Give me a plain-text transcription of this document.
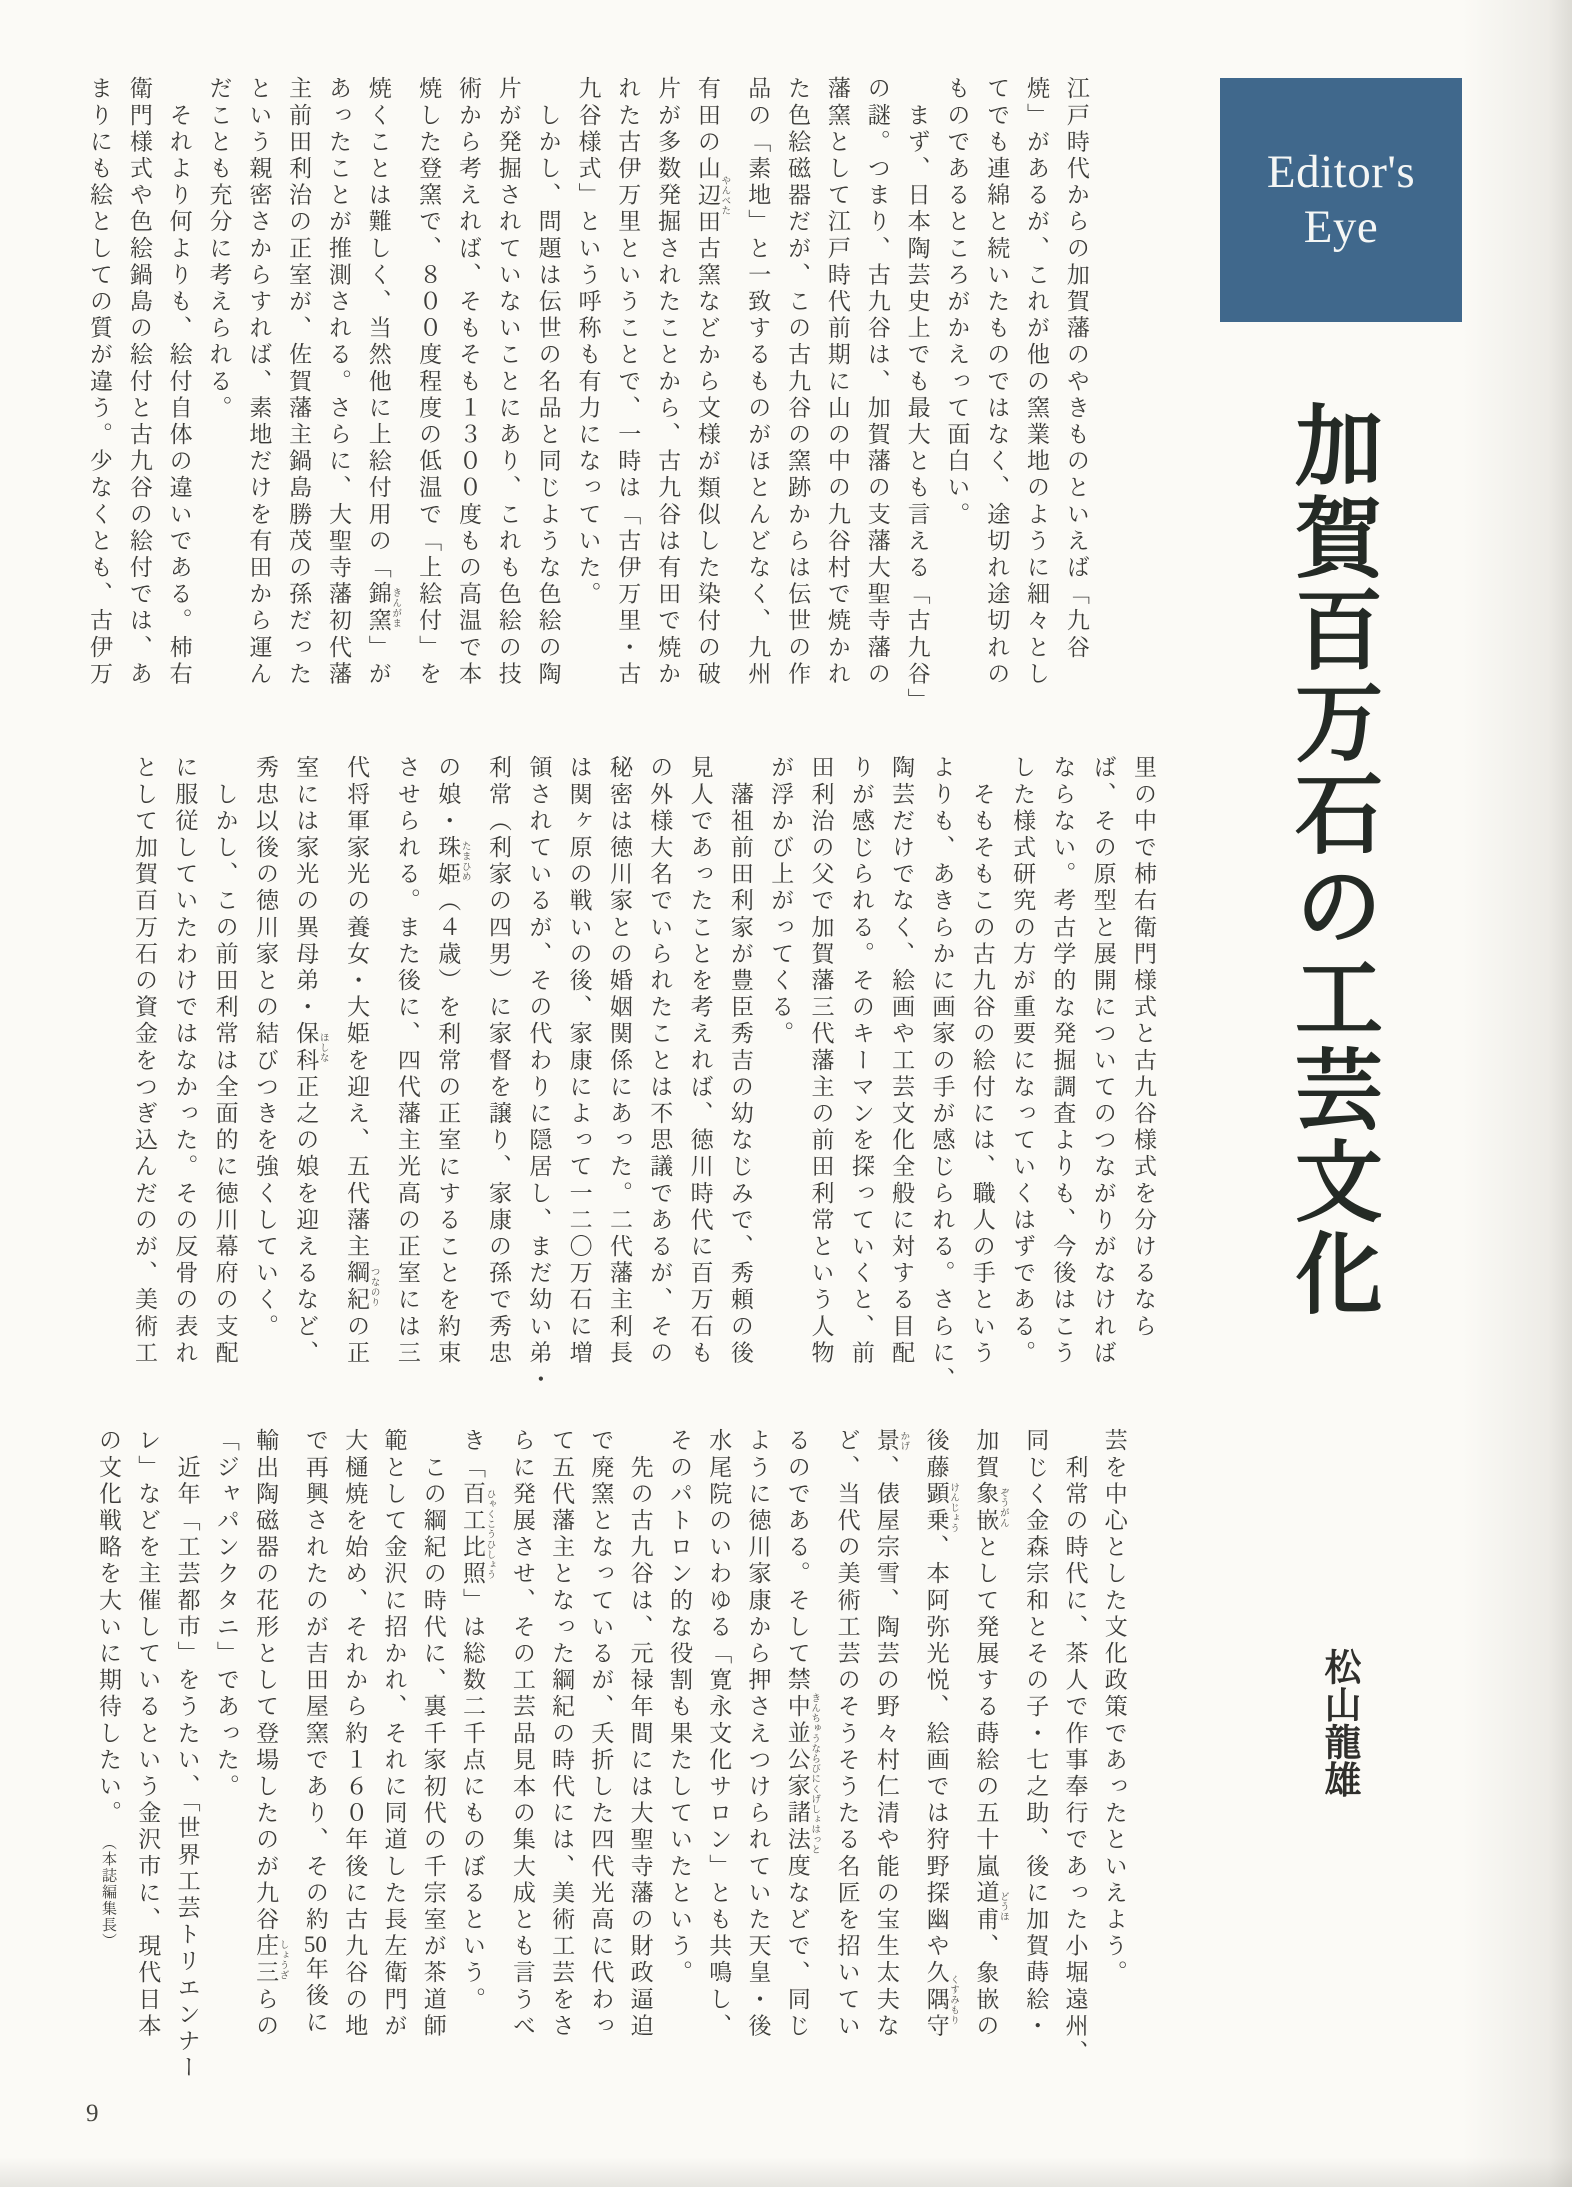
Editor's
Eye
加賀百万石の工芸文化
松山龍雄
江戸時代からの加賀藩のやきものといえば「九谷
焼」があるが、これが他の窯業地のように細々とし
てでも連綿と続いたものではなく、途切れ途切れの
ものであるところがかえって面白い。
　まず、日本陶芸史上でも最大とも言える「古九谷」
の謎。つまり、古九谷は、加賀藩の支藩大聖寺藩の
藩窯として江戸時代前期に山の中の九谷村で焼かれ
た色絵磁器だが、この古九谷の窯跡からは伝世の作
品の「素地」と一致するものがほとんどなく、九州
有田の山辺田 やんべた古窯などから文様が類似した染付の破
片が多数発掘されたことから、古九谷は有田で焼か
れた古伊万里ということで、一時は「古伊万里・古
九谷様式」という呼称も有力になっていた。
　しかし、問題は伝世の名品と同じような色絵の陶
片が発掘されていないことにあり、これも色絵の技
術から考えれば、そもそも１３００度もの高温で本
焼した登窯で、８００度程度の低温で「上絵付」を
焼くことは難しく、当然他に上絵付用の「錦窯 きんがま」が
あったことが推測される。さらに、大聖寺藩初代藩
主前田利治の正室が、佐賀藩主鍋島勝茂の孫だった
という親密さからすれば、素地だけを有田から運ん
だことも充分に考えられる。
　それより何よりも、絵付自体の違いである。柿右
衛門様式や色絵鍋島の絵付と古九谷の絵付では、あ
まりにも絵としての質が違う。少なくとも、古伊万
里の中で柿右衛門様式と古九谷様式を分けるなら
ば、その原型と展開についてのつながりがなければ
ならない。考古学的な発掘調査よりも、今後はこう
した様式研究の方が重要になっていくはずである。
　そもそもこの古九谷の絵付には、職人の手という
よりも、あきらかに画家の手が感じられる。さらに、
陶芸だけでなく、絵画や工芸文化全般に対する目配
りが感じられる。そのキーマンを探っていくと、前
田利治の父で加賀藩三代藩主の前田利常という人物
が浮かび上がってくる。
　藩祖前田利家が豊臣秀吉の幼なじみで、秀頼の後
見人であったことを考えれば、徳川時代に百万石も
の外様大名でいられたことは不思議であるが、その
秘密は徳川家との婚姻関係にあった。二代藩主利長
は関ヶ原の戦いの後、家康によって一二〇万石に増
領されているが、その代わりに隠居し、まだ幼い弟・
利常（利家の四男）に家督を譲り、家康の孫で秀忠
の娘・珠姫 たまひめ（４歳）を利常の正室にすることを約束
させられる。また後に、四代藩主光高の正室には三
代将軍家光の養女・大姫を迎え、五代藩主綱紀 つなのりの正
室には家光の異母弟・保科 ほしな正之の娘を迎えるなど、
秀忠以後の徳川家との結びつきを強くしていく。
　しかし、この前田利常は全面的に徳川幕府の支配
に服従していたわけではなかった。その反骨の表れ
として加賀百万石の資金をつぎ込んだのが、美術工
芸を中心とした文化政策であったといえよう。
　利常の時代に、茶人で作事奉行であった小堀遠州、
同じく金森宗和とその子・七之助、後に加賀蒔絵・
加賀象嵌 ぞうがんとして発展する蒔絵の五十嵐道甫 どうほ、象嵌の
後藤顕乗 けんじょう、本阿弥光悦、絵画では狩野探幽や久隅守 くすみもり
景 かげ、俵屋宗雪、陶芸の野々村仁清や能の宝生太夫な
ど、当代の美術工芸のそうそうたる名匠を招いてい
るのである。そして禁中並公家諸法度 きんちゅうならびにくげしょはっとなどで、同じ
ように徳川家康から押さえつけられていた天皇・後
水尾院のいわゆる「寛永文化サロン」とも共鳴し、
そのパトロン的な役割も果たしていたという。
　先の古九谷は、元禄年間には大聖寺藩の財政逼迫
で廃窯となっているが、夭折した四代光高に代わっ
て五代藩主となった綱紀の時代には、美術工芸をさ
らに発展させ、その工芸品見本の集大成とも言うべ
き「百工比照 ひゃくこうひしょう」は総数二千点にものぼるという。
　この綱紀の時代に、裏千家初代の千宗室が茶道師
範として金沢に招かれ、それに同道した長左衛門が
大樋焼を始め、それから約１６０年後に古九谷の地
で再興されたのが吉田屋窯であり、その約50年後に
輸出陶磁器の花形として登場したのが九谷庄三 しょうざらの
「ジャパンクタニ」であった。
　近年「工芸都市」をうたい、「世界工芸トリエンナー
レ」などを主催しているという金沢市に、現代日本
の文化戦略を大いに期待したい。　（本誌編集長）
9
